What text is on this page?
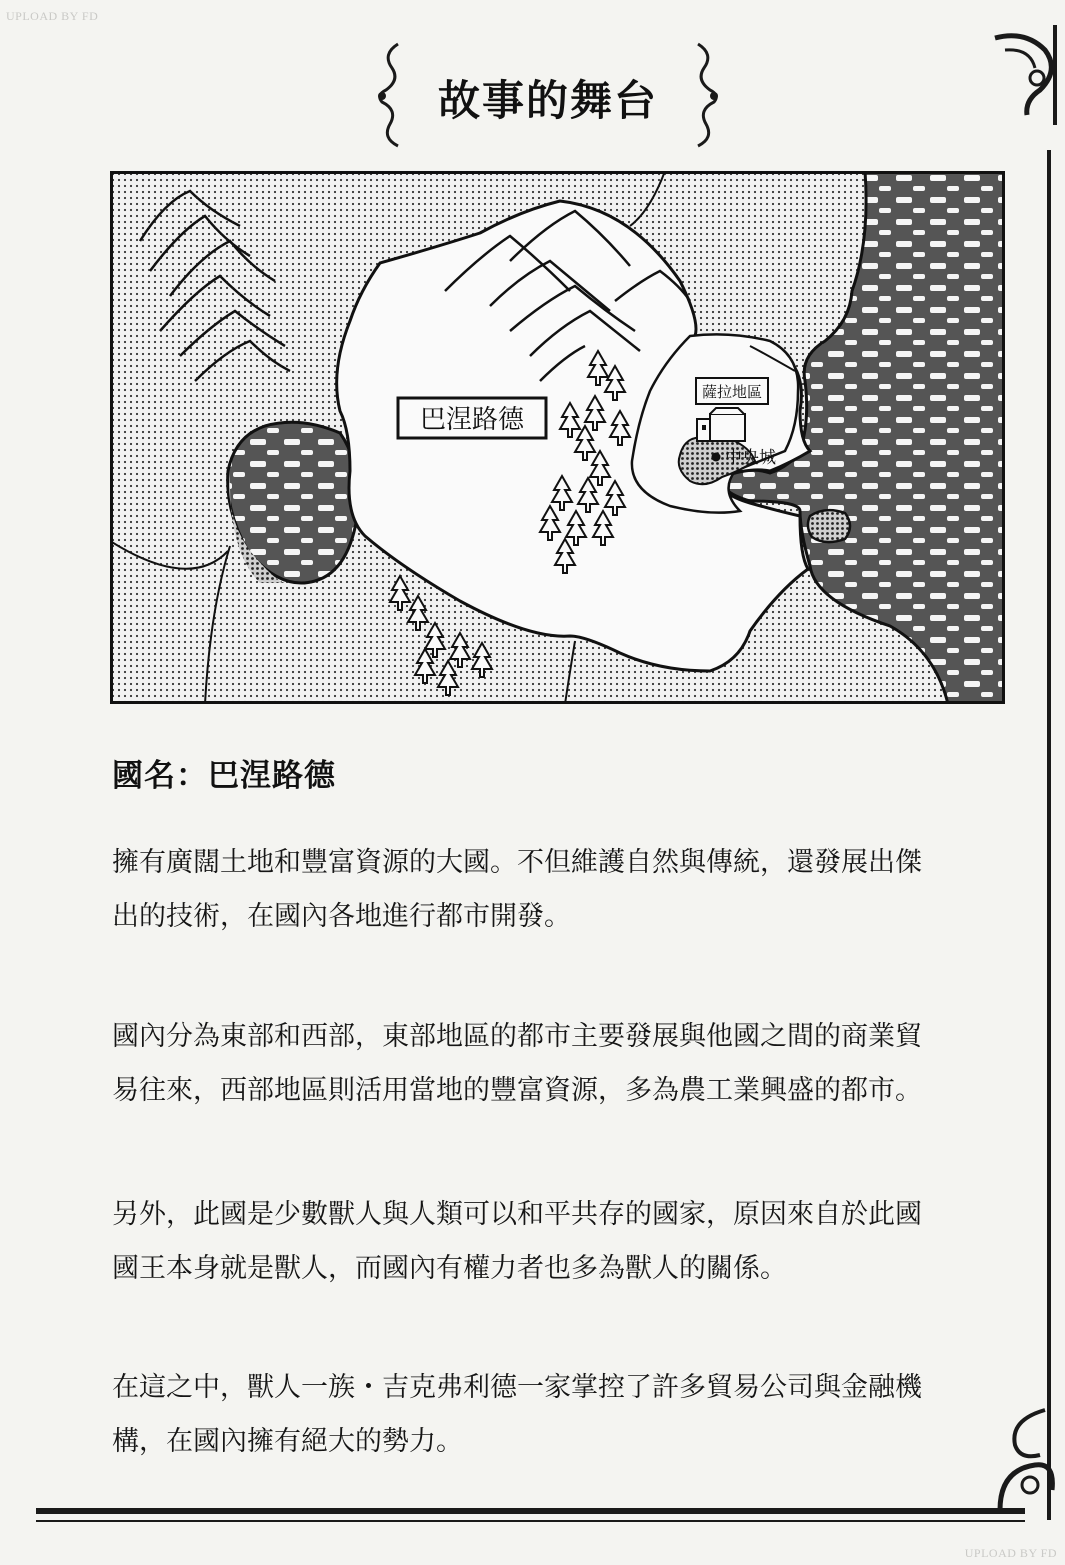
UPLOAD BY FD
UPLOAD BY FD
故事的舞台
巴涅路德
薩拉地區
中央城
國名：巴涅路德
擁有廣闊土地和豐富資源的大國。不但維護自然與傳統，還發展出傑
出的技術，在國內各地進行都市開發。
國內分為東部和西部，東部地區的都市主要發展與他國之間的商業貿
易往來，西部地區則活用當地的豐富資源，多為農工業興盛的都市。
另外，此國是少數獸人與人類可以和平共存的國家，原因來自於此國
國王本身就是獸人，而國內有權力者也多為獸人的關係。
在這之中，獸人一族・吉克弗利德一家掌控了許多貿易公司與金融機
構，在國內擁有絕大的勢力。
